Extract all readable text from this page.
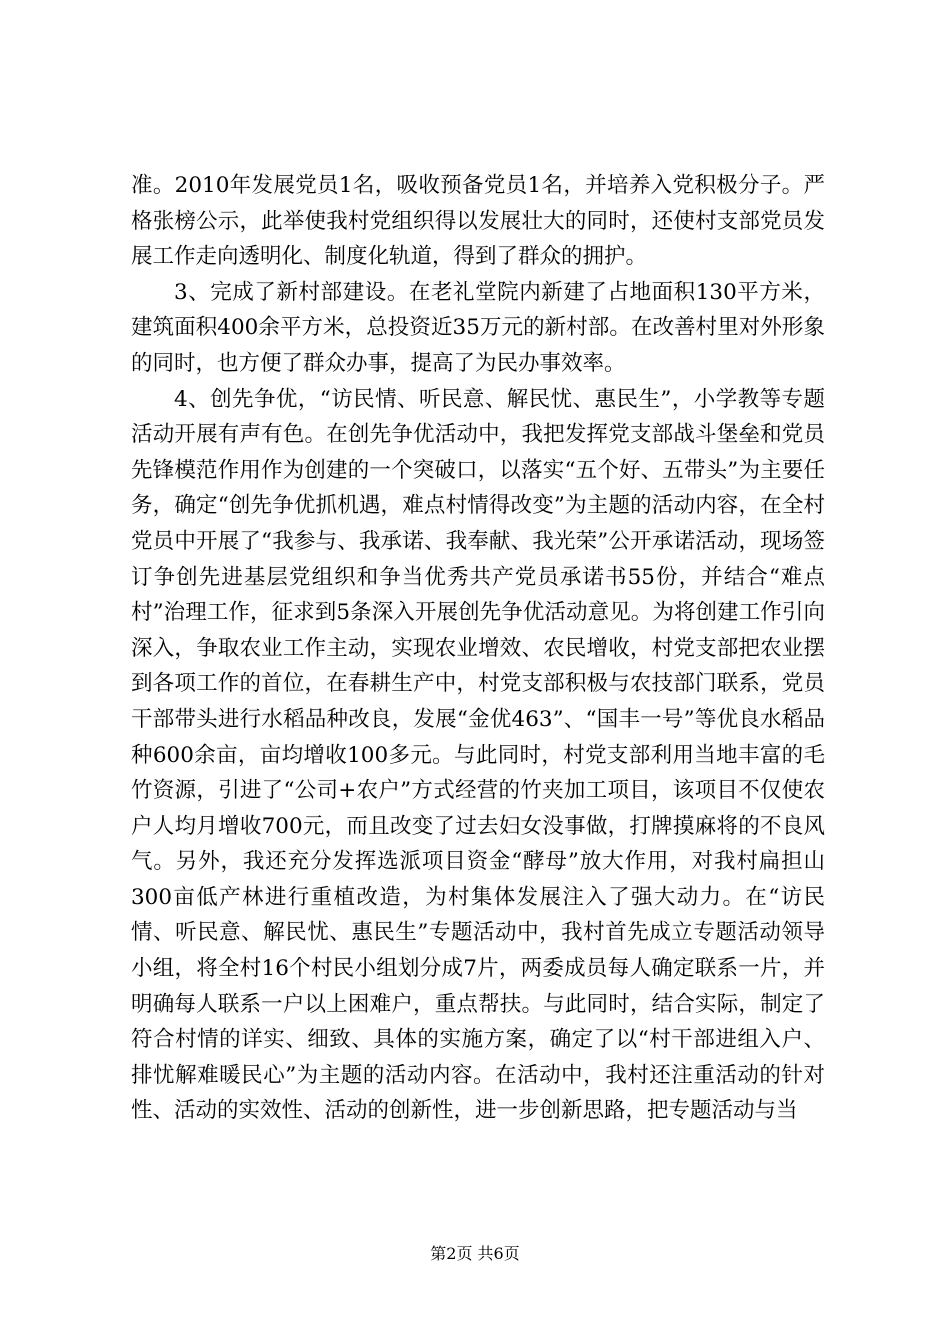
准。2010年发展党员1名，吸收预备党员1名，并培养入党积极分子。严格张榜公示，此举使我村党组织得以发展壮大的同时，还使村支部党员发展工作走向透明化、制度化轨道，得到了群众的拥护。

3、完成了新村部建设。在老礼堂院内新建了占地面积130平方米，建筑面积400余平方米，总投资近35万元的新村部。在改善村里对外形象的同时，也方便了群众办事，提高了为民办事效率。

4、创先争优，“访民情、听民意、解民忧、惠民生”，小学教等专题活动开展有声有色。在创先争优活动中，我把发挥党支部战斗堡垒和党员先锋模范作用作为创建的一个突破口，以落实“五个好、五带头”为主要任务，确定“创先争优抓机遇，难点村情得改变”为主题的活动内容，在全村党员中开展了“我参与、我承诺、我奉献、我光荣”公开承诺活动，现场签订争创先进基层党组织和争当优秀共产党员承诺书55份，并结合“难点村”治理工作，征求到5条深入开展创先争优活动意见。为将创建工作引向深入，争取农业工作主动，实现农业增效、农民增收，村党支部把农业摆到各项工作的首位，在春耕生产中，村党支部积极与农技部门联系，党员干部带头进行水稻品种改良，发展“金优463”、“国丰一号”等优良水稻品种600余亩，亩均增收100多元。与此同时，村党支部利用当地丰富的毛竹资源，引进了“公司+农户”方式经营的竹夹加工项目，该项目不仅使农户人均月增收700元，而且改变了过去妇女没事做，打牌摸麻将的不良风气。另外，我还充分发挥选派项目资金“酵母”放大作用，对我村扁担山300亩低产林进行重植改造，为村集体发展注入了强大动力。在“访民情、听民意、解民忧、惠民生”专题活动中，我村首先成立专题活动领导小组，将全村16个村民小组划分成7片，两委成员每人确定联系一片，并明确每人联系一户以上困难户，重点帮扶。与此同时，结合实际，制定了符合村情的详实、细致、具体的实施方案，确定了以“村干部进组入户、排忧解难暖民心”为主题的活动内容。在活动中，我村还注重活动的针对性、活动的实效性、活动的创新性，进一步创新思路，把专题活动与当

第2页 共6页
